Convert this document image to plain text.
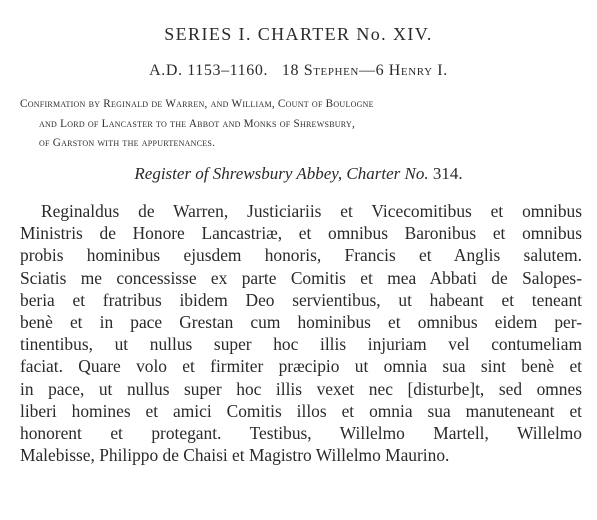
SERIES I. CHARTER No. XIV.
A.D. 1153–1160. 18 Stephen—6 Henry I.
Confirmation by Reginald de Warren, and William, Count of Boulogne
and Lord of Lancaster to the Abbot and Monks of Shrewsbury,
of Garston with the appurtenances.
Register of Shrewsbury Abbey, Charter No. 314.
Reginaldus de Warren, Justiciariis et Vicecomitibus et omnibus
Ministris de Honore Lancastriæ, et omnibus Baronibus et omnibus
probis hominibus ejusdem honoris, Francis et Anglis salutem.
Sciatis me concessisse ex parte Comitis et mea Abbati de Salopes-
beria et fratribus ibidem Deo servientibus, ut habeant et teneant
benè et in pace Grestan cum hominibus et omnibus eidem per-
tinentibus, ut nullus super hoc illis injuriam vel contumeliam
faciat. Quare volo et firmiter præcipio ut omnia sua sint benè et
in pace, ut nullus super hoc illis vexet nec [disturbe]t, sed omnes
liberi homines et amici Comitis illos et omnia sua manuteneant et
honorent et protegant. Testibus, Willelmo Martell, Willelmo
Malebisse, Philippo de Chaisi et Magistro Willelmo Maurino.
